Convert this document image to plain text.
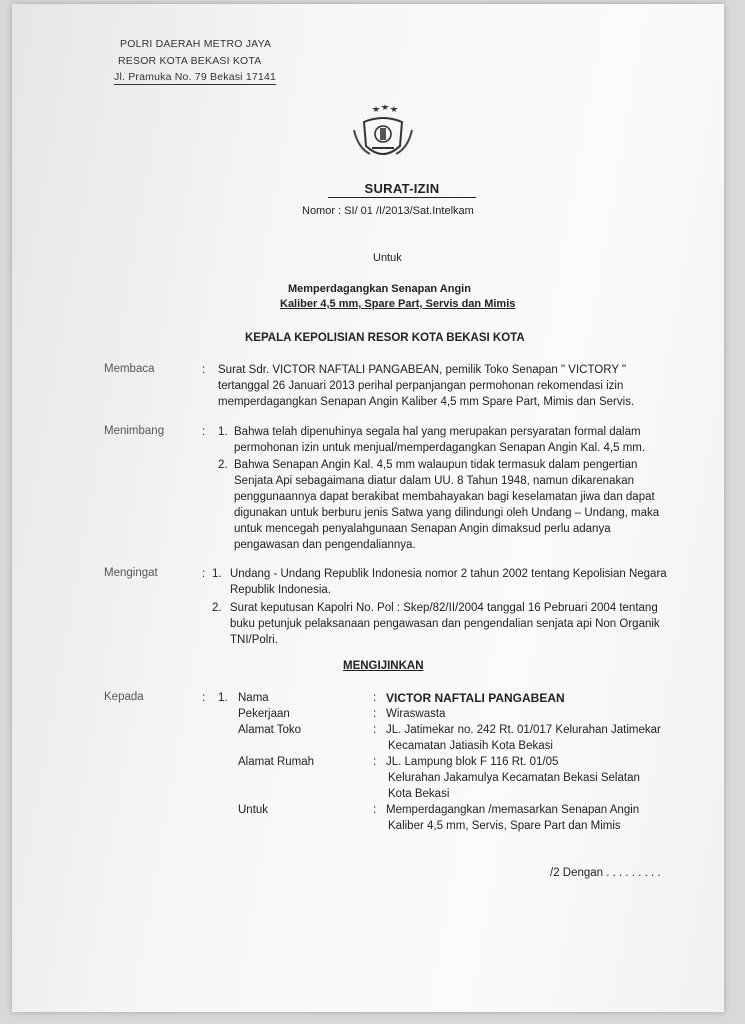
POLRI DAERAH METRO JAYA
RESOR KOTA BEKASI KOTA
Jl. Pramuka No. 79 Bekasi 17141
SURAT-IZIN
Nomor : SI/ 01 /I/2013/Sat.Intelkam
Untuk
Memperdagangkan Senapan Angin
Kaliber 4,5 mm, Spare Part, Servis dan Mimis
KEPALA KEPOLISIAN RESOR KOTA BEKASI KOTA
Membaca	: Surat Sdr. VICTOR NAFTALI PANGABEAN, pemilik Toko Senapan " VICTORY "
tertanggal 26 Januari 2013 perihal perpanjangan permohonan rekomendasi izin
memperdagangkan Senapan Angin Kaliber 4,5 mm Spare Part, Mimis dan Servis.
Menimbang	: 1. Bahwa telah dipenuhinya segala hal yang merupakan persyaratan formal dalam
permohonan izin untuk menjual/memperdagangkan Senapan Angin Kal. 4,5 mm.
2. Bahwa Senapan Angin Kal. 4,5 mm walaupun tidak termasuk dalam pengertian
Senjata Api sebagaimana diatur dalam UU. 8 Tahun 1948, namun dikarenakan
penggunaannya dapat berakibat membahayakan bagi keselamatan jiwa dan dapat
digunakan untuk berburu jenis Satwa yang dilindungi oleh Undang – Undang, maka
untuk mencegah penyalahgunaan Senapan Angin dimaksud perlu adanya
pengawasan dan pengendaliannya.
Mengingat	: 1. Undang - Undang Republik Indonesia nomor 2 tahun 2002 tentang Kepolisian Negara
Republik Indonesia.
2. Surat keputusan Kapolri No. Pol : Skep/82/II/2004 tanggal 16 Pebruari 2004 tentang
buku petunjuk pelaksanaan pengawasan dan pengendalian senjata api Non Organik
TNI/Polri.
MENGIJINKAN
Kepada	: 1. Nama	: VICTOR NAFTALI PANGABEAN
Pekerjaan	: Wiraswasta
Alamat Toko	: JL. Jatimekar no. 242 Rt. 01/017 Kelurahan Jatimekar
Kecamatan Jatiasih Kota Bekasi
Alamat Rumah	: JL. Lampung blok F 116 Rt. 01/05
Kelurahan Jakamulya Kecamatan Bekasi Selatan
Kota Bekasi
Untuk	: Memperdagangkan /memasarkan Senapan Angin
Kaliber 4,5 mm, Servis, Spare Part dan Mimis
/2 Dengan . . . . . . . . .
